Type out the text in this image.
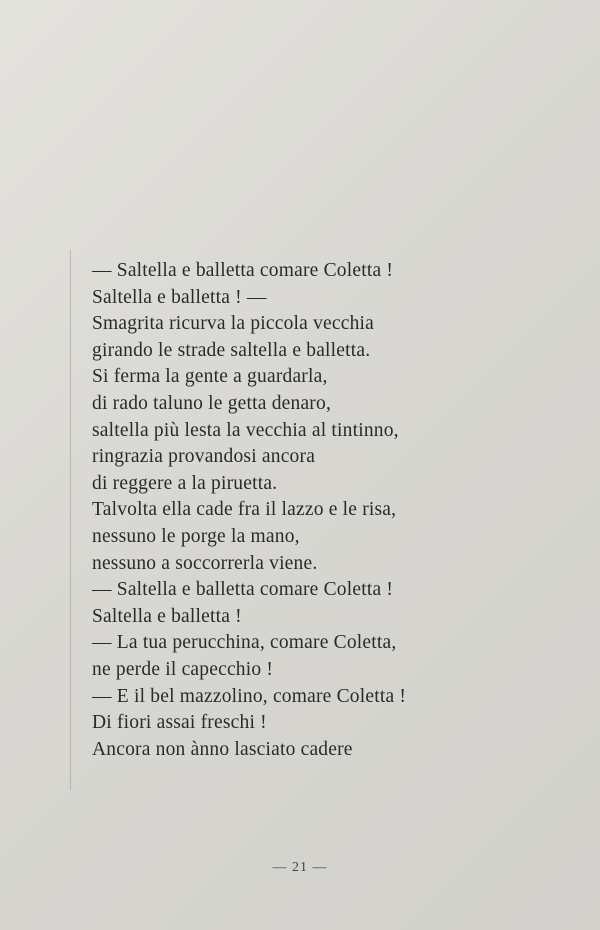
— Saltella e balletta comare Coletta !
Saltella e balletta ! —
Smagrita ricurva la piccola vecchia
girando le strade saltella e balletta.
Si ferma la gente a guardarla,
di rado taluno le getta denaro,
saltella più lesta la vecchia al tintinno,
ringrazia provandosi ancora
di reggere a la piruetta.
Talvolta ella cade fra il lazzo e le risa,
nessuno le porge la mano,
nessuno a soccorrerla viene.
— Saltella e balletta comare Coletta !
Saltella e balletta !
— La tua perucchina, comare Coletta,
ne perde il capecchio !
— E il bel mazzolino, comare Coletta !
Di fiori assai freschi !
Ancora non ànno lasciato cadere
— 21 —
